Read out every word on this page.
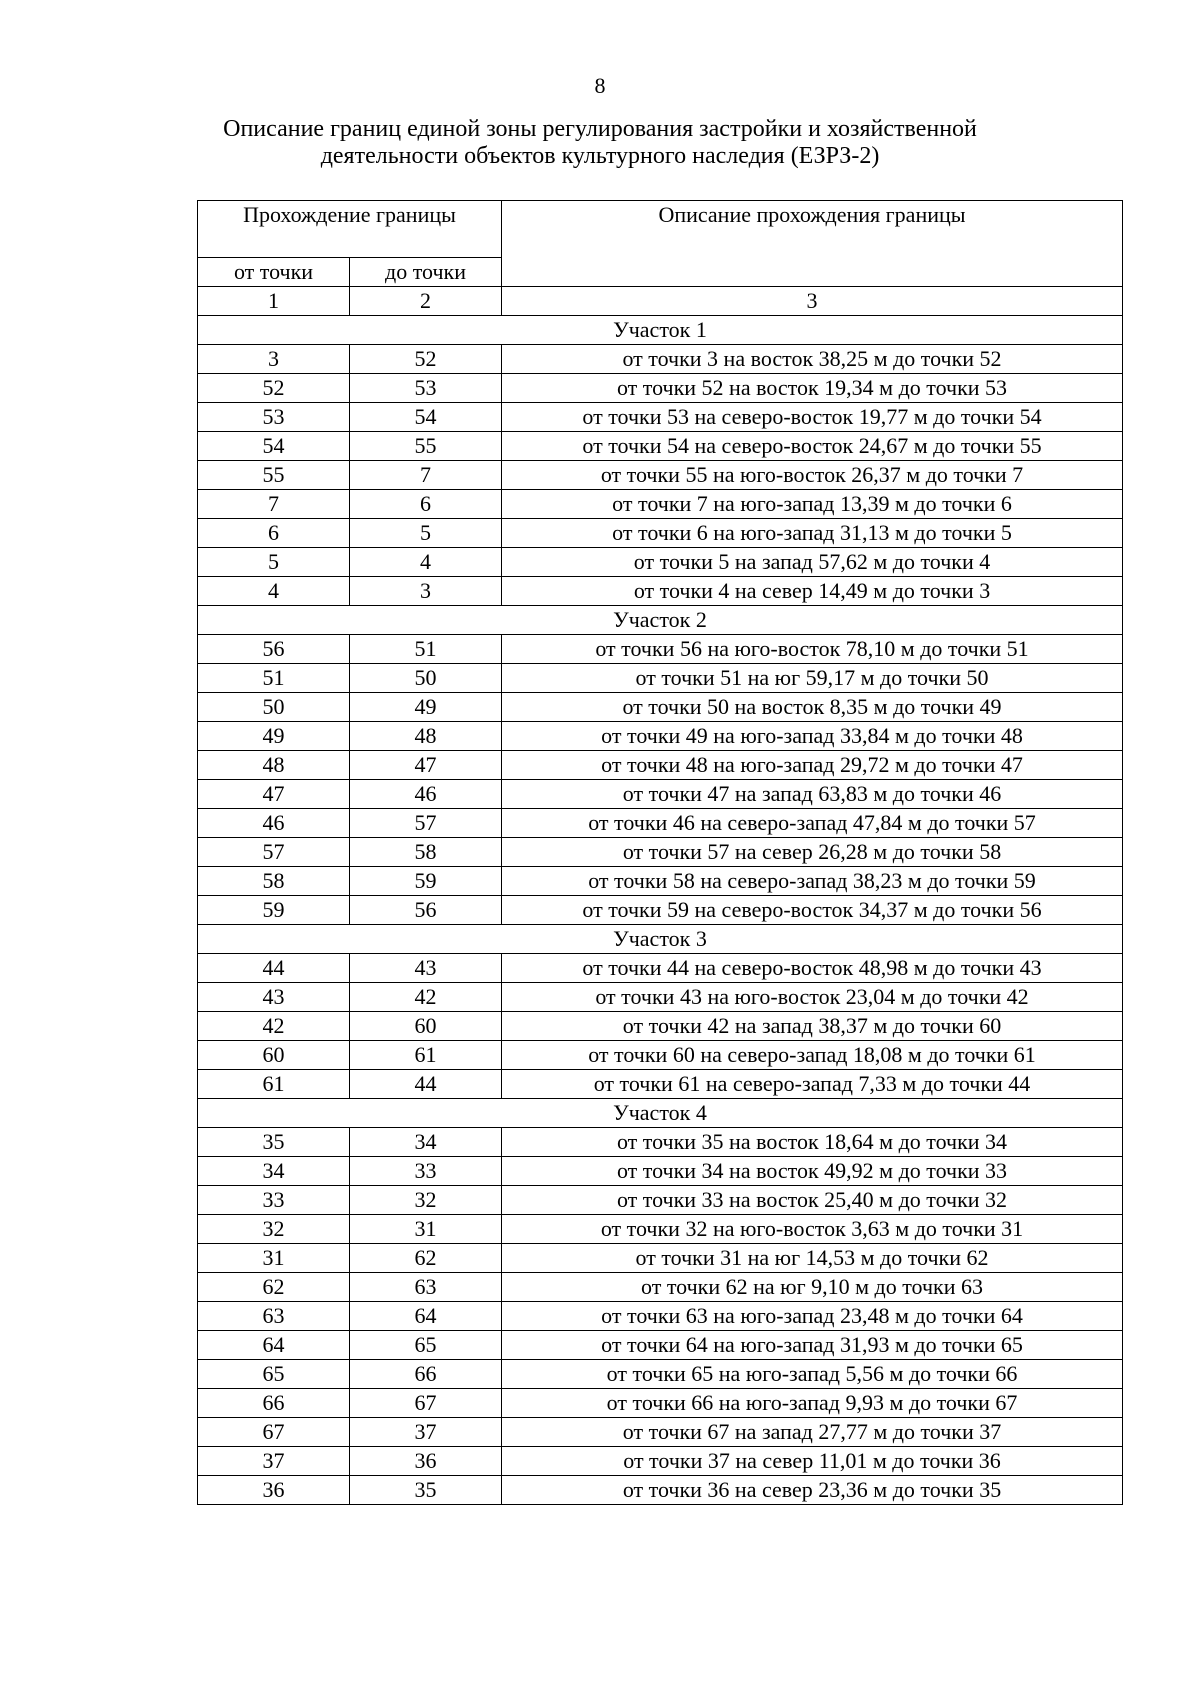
8
Описание границ единой зоны регулирования застройки и хозяйственной
деятельности объектов культурного наследия (ЕЗРЗ-2)
Прохождение границы		Описание прохождения границы
от точки	до точки	
1	2	3
Участок 1		
3	52	от точки 3 на восток 38,25 м до точки 52
52	53	от точки 52 на восток 19,34 м до точки 53
53	54	от точки 53 на северо-восток 19,77 м до точки 54
54	55	от точки 54 на северо-восток 24,67 м до точки 55
55	7	от точки 55 на юго-восток 26,37 м до точки 7
7	6	от точки 7 на юго-запад 13,39 м до точки 6
6	5	от точки 6 на юго-запад 31,13 м до точки 5
5	4	от точки 5 на запад 57,62 м до точки 4
4	3	от точки 4 на север 14,49 м до точки 3
Участок 2		
56	51	от точки 56 на юго-восток 78,10 м до точки 51
51	50	от точки 51 на юг 59,17 м до точки 50
50	49	от точки 50 на восток 8,35 м до точки 49
49	48	от точки 49 на юго-запад 33,84 м до точки 48
48	47	от точки 48 на юго-запад 29,72 м до точки 47
47	46	от точки 47 на запад 63,83 м до точки 46
46	57	от точки 46 на северо-запад 47,84 м до точки 57
57	58	от точки 57 на север 26,28 м до точки 58
58	59	от точки 58 на северо-запад 38,23 м до точки 59
59	56	от точки 59 на северо-восток 34,37 м до точки 56
Участок 3		
44	43	от точки 44 на северо-восток 48,98 м до точки 43
43	42	от точки 43 на юго-восток 23,04 м до точки 42
42	60	от точки 42 на запад 38,37 м до точки 60
60	61	от точки 60 на северо-запад 18,08 м до точки 61
61	44	от точки 61 на северо-запад 7,33 м до точки 44
Участок 4		
35	34	от точки 35 на восток 18,64 м до точки 34
34	33	от точки 34 на восток 49,92 м до точки 33
33	32	от точки 33 на восток 25,40 м до точки 32
32	31	от точки 32 на юго-восток 3,63 м до точки 31
31	62	от точки 31 на юг 14,53 м до точки 62
62	63	от точки 62 на юг 9,10 м до точки 63
63	64	от точки 63 на юго-запад 23,48 м до точки 64
64	65	от точки 64 на юго-запад 31,93 м до точки 65
65	66	от точки 65 на юго-запад 5,56 м до точки 66
66	67	от точки 66 на юго-запад 9,93 м до точки 67
67	37	от точки 67 на запад 27,77 м до точки 37
37	36	от точки 37 на север 11,01 м до точки 36
36	35	от точки 36 на север 23,36 м до точки 35
